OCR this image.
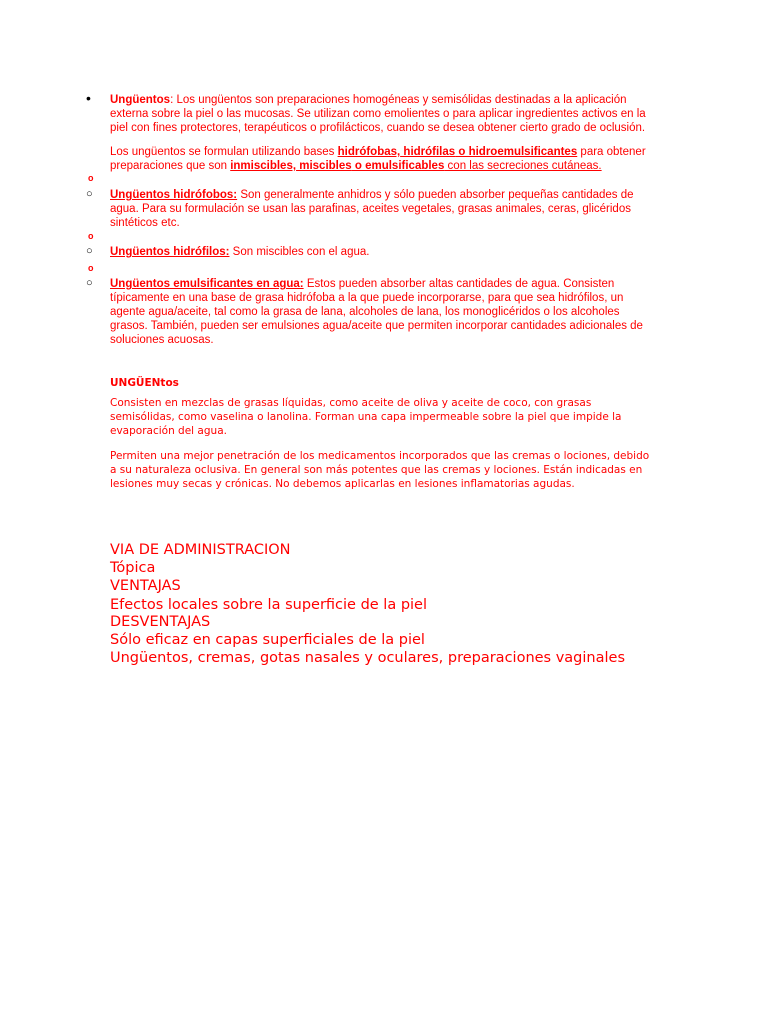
• Ungüentos: Los ungüentos son preparaciones homogéneas y semisólidas destinadas a la aplicación externa sobre la piel o las mucosas. Se utilizan como emolientes o para aplicar ingredientes activos en la piel con fines protectores, terapéuticos o profilácticos, cuando se desea obtener cierto grado de oclusión.
Los ungüentos se formulan utilizando bases hidrófobas, hidrófilas o hidroemulsificantes para obtener preparaciones que son inmiscibles, miscibles o emulsificables con las secreciones cutáneas.
o
○ Ungüentos hidrófobos: Son generalmente anhidros y sólo pueden absorber pequeñas cantidades de agua. Para su formulación se usan las parafinas, aceites vegetales, grasas animales, ceras, glicéridos sintéticos etc.
o
○ Ungüentos hidrófilos: Son miscibles con el agua.
o
○ Ungüentos emulsificantes en agua: Estos pueden absorber altas cantidades de agua. Consisten típicamente en una base de grasa hidrófoba a la que puede incorporarse, para que sea hidrófilos, un agente agua/aceite, tal como la grasa de lana, alcoholes de lana, los monoglicéridos o los alcoholes grasos. También, pueden ser emulsiones agua/aceite que permiten incorporar cantidades adicionales de soluciones acuosas.
UNGÜENtos
Consisten en mezclas de grasas líquidas, como aceite de oliva y aceite de coco, con grasas semisólidas, como vaselina o lanolina. Forman una capa impermeable sobre la piel que impide la evaporación del agua.
Permiten una mejor penetración de los medicamentos incorporados que las cremas o lociones, debido a su naturaleza oclusiva. En general son más potentes que las cremas y lociones. Están indicadas en lesiones muy secas y crónicas. No debemos aplicarlas en lesiones inflamatorias agudas.
VIA DE ADMINISTRACION
Tópica
VENTAJAS
Efectos locales sobre la superficie de la piel
DESVENTAJAS
Sólo eficaz en capas superficiales de la piel
Ungüentos, cremas, gotas nasales y oculares, preparaciones vaginales
